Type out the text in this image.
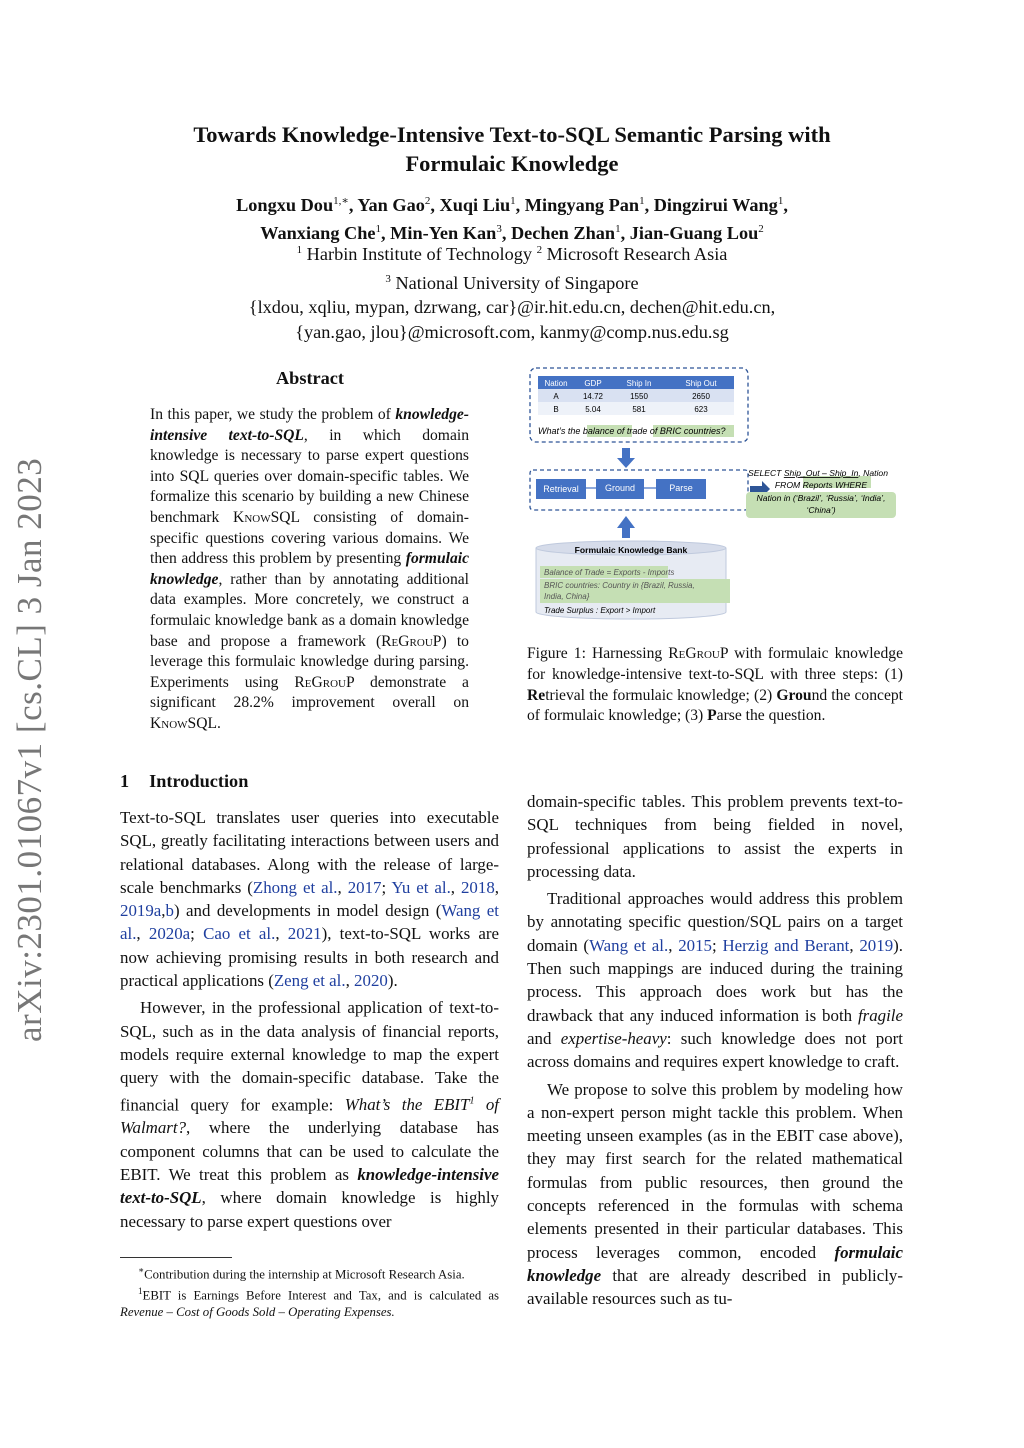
arXiv:2301.01067v1 [cs.CL] 3 Jan 2023
Towards Knowledge-Intensive Text-to-SQL Semantic Parsing with
Formulaic Knowledge
Longxu Dou$^{1,∗}$, Yan Gao$^2$, Xuqi Liu$^1$, Mingyang Pan$^1$, Dingzirui Wang$^1$,
Wanxiang Che$^1$, Min-Yen Kan$^3$, Dechen Zhan$^1$, Jian-Guang Lou$^2$
$^1$ Harbin Institute of Technology $^2$ Microsoft Research Asia
$^3$ National University of Singapore
{lxdou, xqliu, mypan, dzrwang, car}@ir.hit.edu.cn, dechen@hit.edu.cn,
{yan.gao, jlou}@microsoft.com, kanmy@comp.nus.edu.sg
Abstract
In this paper, we study the problem of knowledge-intensive text-to-SQL, in which domain knowledge is necessary to parse expert questions into SQL queries over domain-specific tables. We formalize this scenario by building a new Chinese benchmark KnowSQL consisting of domain-specific questions covering various domains. We then address this problem by presenting formulaic knowledge, rather than by annotating additional data examples. More concretely, we construct a formulaic knowledge bank as a domain knowledge base and propose a framework (ReGrouP) to leverage this formulaic knowledge during parsing. Experiments using ReGrouP demonstrate a significant 28.2% improvement overall on KnowSQL.
1 Introduction

Text-to-SQL translates user queries into executable SQL, greatly facilitating interactions between users and relational databases. Along with the release of large-scale benchmarks (Zhong et al., 2017; Yu et al., 2018, 2019a,b) and developments in model design (Wang et al., 2020a; Cao et al., 2021), text-to-SQL works are now achieving promising results in both research and practical applications (Zeng et al., 2020).

However, in the professional application of text-to-SQL, such as in the data analysis of financial reports, models require external knowledge to map the expert query with the domain-specific database. Take the financial query for example: What’s the EBIT$^1$ of Walmart?, where the underlying database has component columns that can be used to calculate the EBIT. We treat this problem as knowledge-intensive text-to-SQL, where domain knowledge is highly necessary to parse expert questions over

∗Contribution during the internship at Microsoft Research Asia.

$^1$EBIT is Earnings Before Interest and Tax, and is calculated as Revenue – Cost of Goods Sold – Operating Expenses.

Nation GDP	Ship In	Ship Out
A	14.72	1550	2650
B	5.04	581	623
What’s the balance of trade of BRIC countries?
Retrieval	Ground	Parse
SELECT Ship_Out – Ship_In, Nation
FROM Reports WHERE
Nation in (‘Brazil’, ‘Russia’, ‘India’,
‘China’)
Formulaic Knowledge Bank
Balance of Trade = Exports - Imports
BRIC countries: Country in {Brazil, Russia,
India, China}
Trade Surplus : Export > Import
Figure 1: Harnessing ReGrouP with formulaic knowledge for knowledge-intensive text-to-SQL with three steps: (1) Retrieval the formulaic knowledge; (2) Ground the concept of formulaic knowledge; (3) Parse the question.

domain-specific tables. This problem prevents text-to-SQL techniques from being fielded in novel, professional applications to assist the experts in processing data.

Traditional approaches would address this problem by annotating specific question/SQL pairs on a target domain (Wang et al., 2015; Herzig and Berant, 2019). Then such mappings are induced during the training process. This approach does work but has the drawback that any induced information is both fragile and expertise-heavy: such knowledge does not port across domains and requires expert knowledge to craft.

We propose to solve this problem by modeling how a non-expert person might tackle this problem. When meeting unseen examples (as in the EBIT case above), they may first search for the related mathematical formulas from public resources, then ground the concepts referenced in the formulas with schema elements presented in their particular databases. This process leverages common, encoded formulaic knowledge that are already described in publicly-available resources such as tu-
